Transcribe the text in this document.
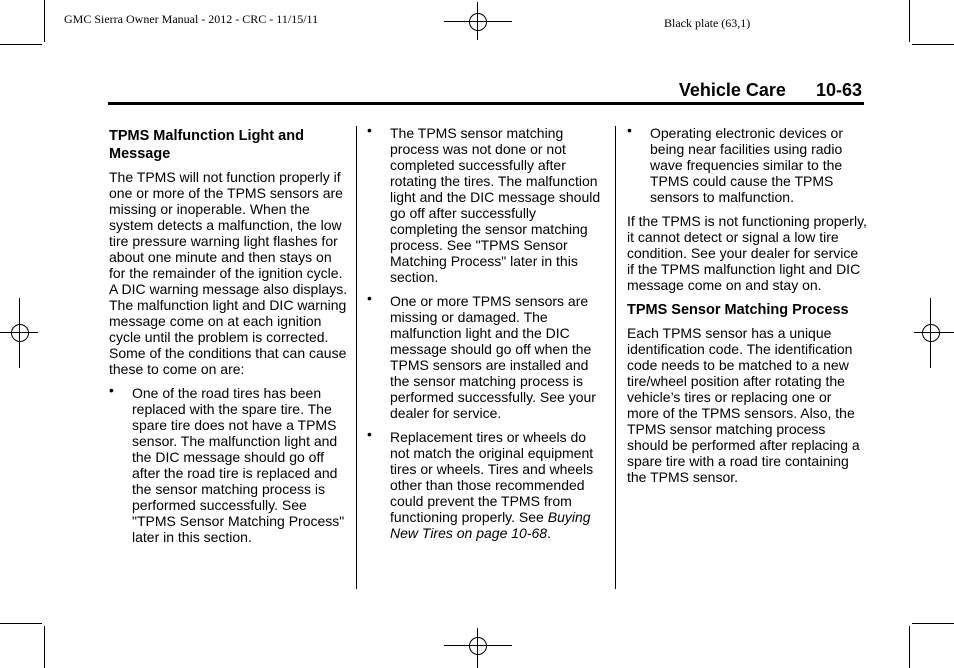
GMC Sierra Owner Manual - 2012 - CRC - 11/15/11	Black plate (63,1)
Vehicle Care 10-63
TPMS Malfunction Light and Message

The TPMS will not function properly if one or more of the TPMS sensors are missing or inoperable. When the system detects a malfunction, the low tire pressure warning light flashes for about one minute and then stays on for the remainder of the ignition cycle. A DIC warning message also displays. The malfunction light and DIC warning message come on at each ignition cycle until the problem is corrected. Some of the conditions that can cause these to come on are:

• One of the road tires has been replaced with the spare tire. The spare tire does not have a TPMS sensor. The malfunction light and the DIC message should go off after the road tire is replaced and the sensor matching process is performed successfully. See "TPMS Sensor Matching Process" later in this section.
• The TPMS sensor matching process was not done or not completed successfully after rotating the tires. The malfunction light and the DIC message should go off after successfully completing the sensor matching process. See "TPMS Sensor Matching Process" later in this section.
• One or more TPMS sensors are missing or damaged. The malfunction light and the DIC message should go off when the TPMS sensors are installed and the sensor matching process is performed successfully. See your dealer for service.
• Replacement tires or wheels do not match the original equipment tires or wheels. Tires and wheels other than those recommended could prevent the TPMS from functioning properly. See Buying New Tires on page 10-68.
• Operating electronic devices or being near facilities using radio wave frequencies similar to the TPMS could cause the TPMS sensors to malfunction.

If the TPMS is not functioning properly, it cannot detect or signal a low tire condition. See your dealer for service if the TPMS malfunction light and DIC message come on and stay on.

TPMS Sensor Matching Process

Each TPMS sensor has a unique identification code. The identification code needs to be matched to a new tire/wheel position after rotating the vehicle’s tires or replacing one or more of the TPMS sensors. Also, the TPMS sensor matching process should be performed after replacing a spare tire with a road tire containing the TPMS sensor.
